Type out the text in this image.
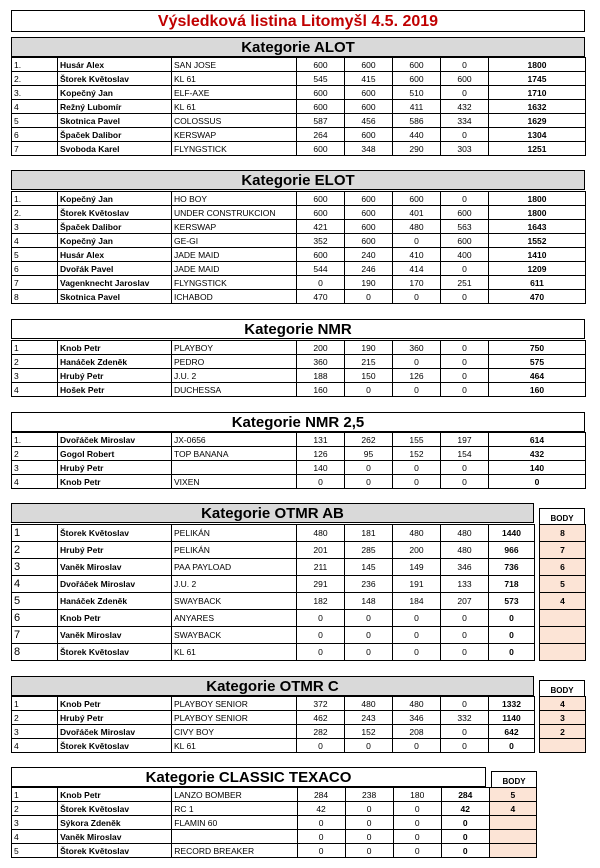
Výsledková listina Litomyšl 4.5. 2019
Kategorie ALOT
1.	Husár Alex	SAN JOSE	600	600	600	0	1800
2.	Štorek Květoslav	KL 61	545	415	600	600	1745
3.	Kopečný Jan	ELF-AXE	600	600	510	0	1710
4	Režný Lubomír	KL 61	600	600	411	432	1632
5	Skotnica Pavel	COLOSSUS	587	456	586	334	1629
6	Špaček Dalibor	KERSWAP	264	600	440	0	1304
7	Svoboda Karel	FLYNGSTICK	600	348	290	303	1251
Kategorie ELOT
1.	Kopečný Jan	HO BOY	600	600	600	0	1800
2.	Štorek Květoslav	UNDER CONSTRUKCION	600	600	401	600	1800
3	Špaček Dalibor	KERSWAP	421	600	480	563	1643
4	Kopečný Jan	GE-GI	352	600	0	600	1552
5	Husár Alex	JADE MAID	600	240	410	400	1410
6	Dvořák Pavel	JADE MAID	544	246	414	0	1209
7	Vagenknecht Jaroslav	FLYNGSTICK	0	190	170	251	611
8	Skotnica Pavel	ICHABOD	470	0	0	0	470
Kategorie NMR
1	Knob Petr	PLAYBOY	200	190	360	0	750
2	Hanáček Zdeněk	PEDRO	360	215	0	0	575
3	Hrubý Petr	J.U. 2	188	150	126	0	464
4	Hošek Petr	DUCHESSA	160	0	0	0	160
Kategorie NMR 2,5
1.	Dvořáček Miroslav	JX-0656	131	262	155	197	614
2	Gogol Robert	TOP BANANA	126	95	152	154	432
3	Hrubý Petr		140	0	0	0	140
4	Knob Petr	VIXEN	0	0	0	0	0
Kategorie OTMR AB	BODY
1	Štorek Květoslav	PELIKÁN	480	181	480	480	1440		8
2	Hrubý Petr	PELIKÁN	201	285	200	480	966		7
3	Vaněk Miroslav	PAA PAYLOAD	211	145	149	346	736		6
4	Dvořáček Miroslav	J.U. 2	291	236	191	133	718		5
5	Hanáček Zdeněk	SWAYBACK	182	148	184	207	573		4
6	Knob Petr	ANYARES	0	0	0	0	0		
7	Vaněk Miroslav	SWAYBACK	0	0	0	0	0		
8	Štorek Květoslav	KL 61	0	0	0	0	0		
Kategorie OTMR C	BODY
1	Knob Petr	PLAYBOY SENIOR	372	480	480	0	1332		4
2	Hrubý Petr	PLAYBOY SENIOR	462	243	346	332	1140		3
3	Dvořáček Miroslav	CIVY BOY	282	152	208	0	642		2
4	Štorek Květoslav	KL 61	0	0	0	0	0		
Kategorie CLASSIC TEXACO	BODY
1	Knob Petr	LANZO BOMBER	284	238	180	284	5
2	Štorek Květoslav	RC 1	42	0	0	42	4
3	Sýkora Zdeněk	FLAMIN 60	0	0	0	0	
4	Vaněk Miroslav		0	0	0	0	
5	Štorek Květoslav	RECORD BREAKER	0	0	0	0	
